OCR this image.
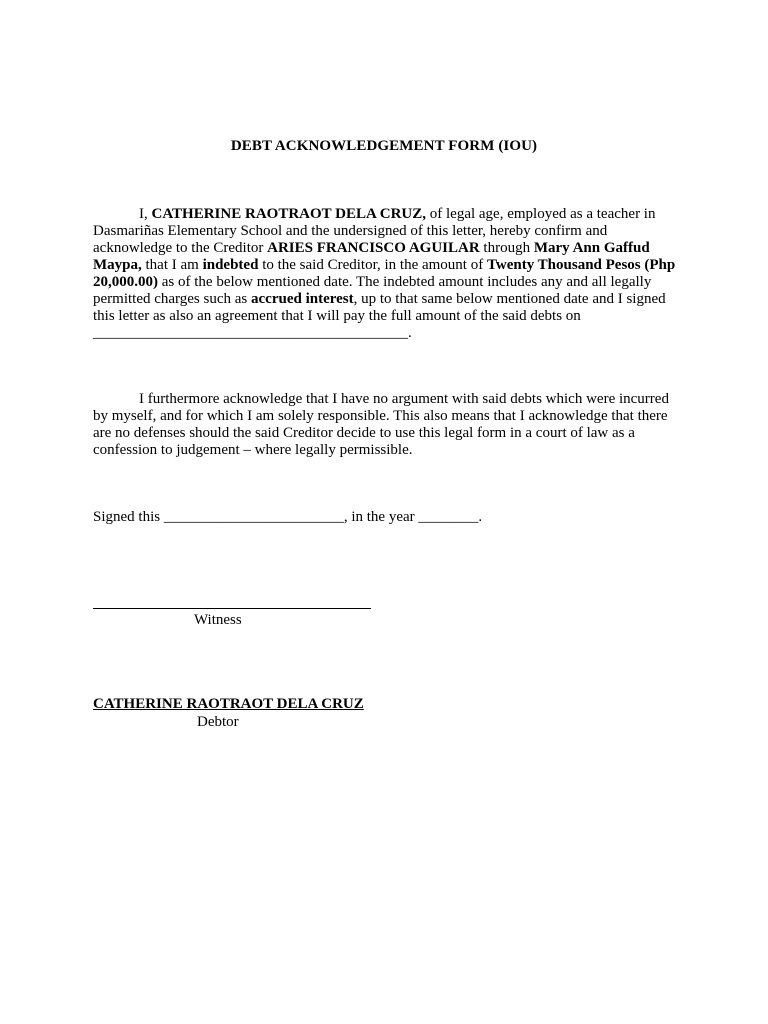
DEBT ACKNOWLEDGEMENT FORM (IOU)
I, CATHERINE RAOTRAOT DELA CRUZ, of legal age, employed as a teacher in Dasmariñas Elementary School and the undersigned of this letter, hereby confirm and acknowledge to the Creditor ARIES FRANCISCO AGUILAR through Mary Ann Gaffud Maypa, that I am indebted to the said Creditor, in the amount of Twenty Thousand Pesos (Php 20,000.00) as of the below mentioned date. The indebted amount includes any and all legally permitted charges such as accrued interest, up to that same below mentioned date and I signed this letter as also an agreement that I will pay the full amount of the said debts on __________________________________________.
I furthermore acknowledge that I have no argument with said debts which were incurred by myself, and for which I am solely responsible. This also means that I acknowledge that there are no defenses should the said Creditor decide to use this legal form in a court of law as a confession to judgement – where legally permissible.
Signed this ________________________, in the year ________.
Witness
CATHERINE RAOTRAOT DELA CRUZ
Debtor
